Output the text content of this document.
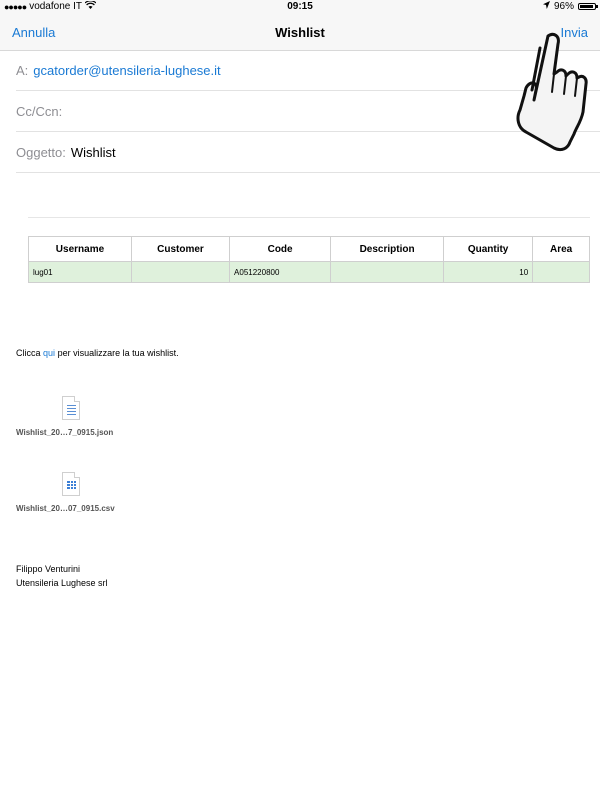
●●●●● vodafone IT	09:15	96%
Annulla	Wishlist	Invia
A: gcatorder@utensileria-lughese.it
Cc/Ccn:
Oggetto: Wishlist
Username	Customer	Code	Description	Quantity	Area
lug01		A051220800		10	
Clicca qui per visualizzare la tua wishlist.
Wishlist_20…7_0915.json
Wishlist_20…07_0915.csv
Filippo Venturini
Utensileria Lughese srl
